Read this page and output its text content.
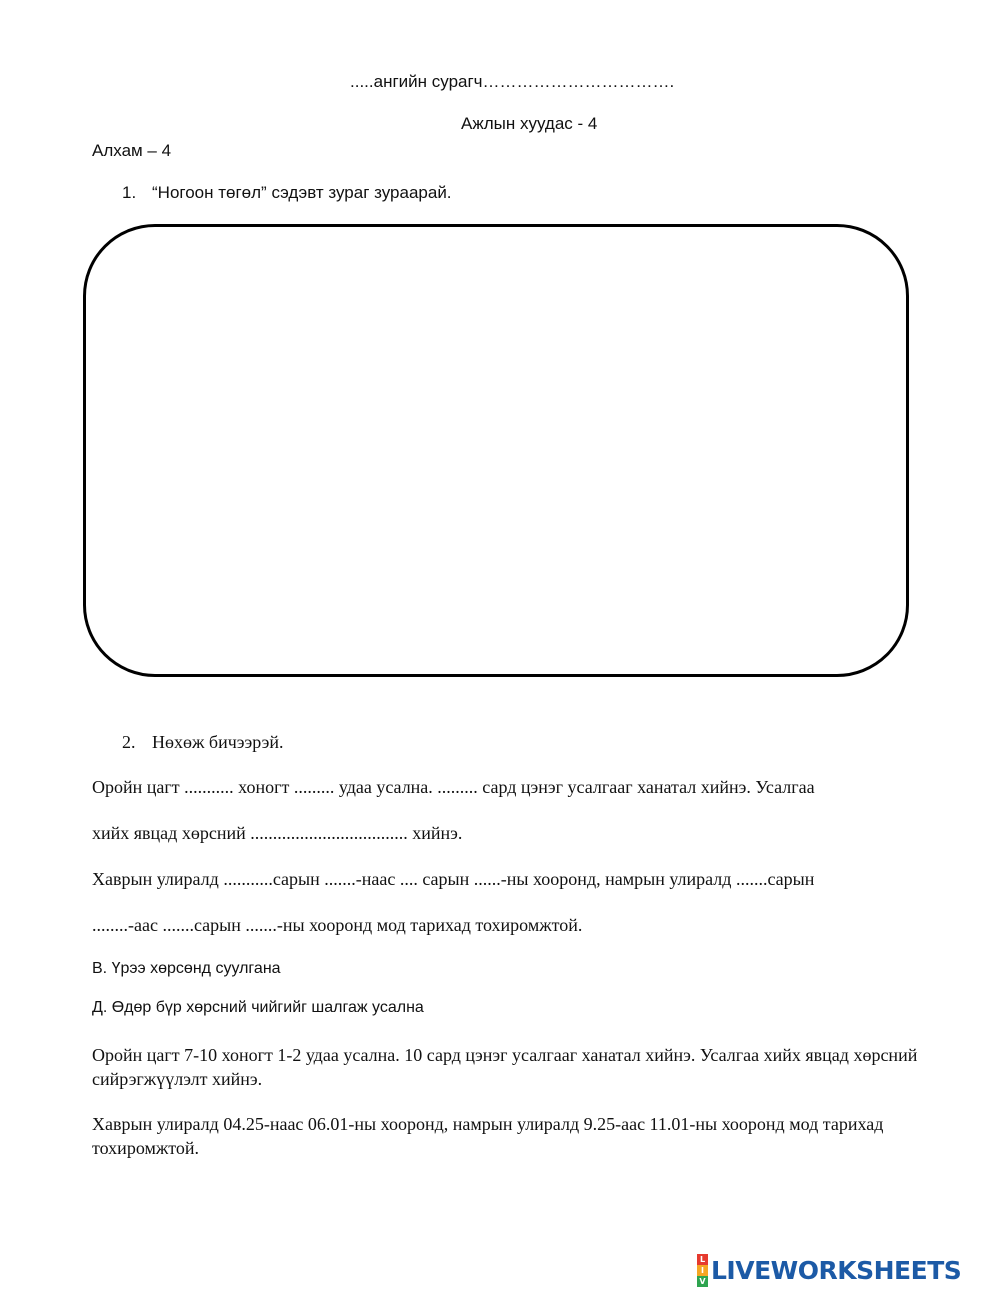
.....ангийн сурагч…………………………….
Ажлын хуудас - 4
Алхам – 4
1. “Ногоон төгөл” сэдэвт зураг зураарай.
2. Нөхөж бичээрэй.
Оройн цагт ........... хоногт ......... удаа усална. ......... сард цэнэг усалгааг ханатал хийнэ. Усалгаа
хийх явцад хөрсний ................................... хийнэ.
Хаврын улиралд ...........сарын .......-наас .... сарын ......-ны хооронд, намрын улиралд .......сарын
........-аас .......сарын .......-ны хооронд мод тарихад тохиромжтой.
В. Үрээ хөрсөнд суулгана
Д. Өдөр бүр хөрсний чийгийг шалгаж усална
Оройн цагт 7-10 хоногт 1-2 удаа усална. 10 сард цэнэг усалгааг ханатал хийнэ. Усалгаа хийх явцад хөрсний сийрэгжүүлэлт хийнэ.
Хаврын улиралд 04.25-наас 06.01-ны хооронд, намрын улиралд 9.25-аас 11.01-ны хооронд мод тарихад тохиромжтой.
L
I
V LIVEWORKSHEETS
